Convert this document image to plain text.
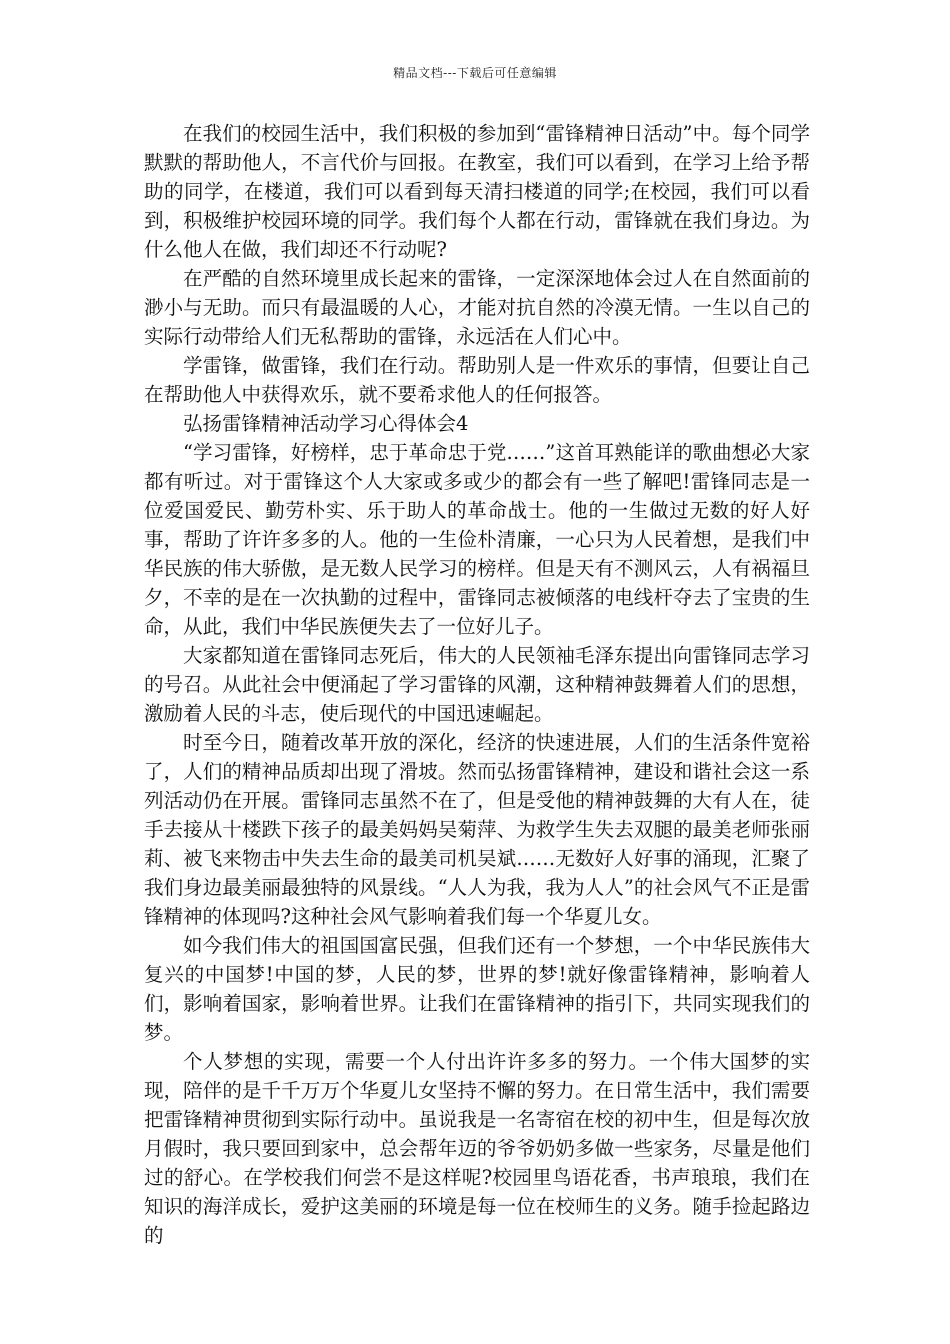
精品文档---下载后可任意编辑

在我们的校园生活中，我们积极的参加到“雷锋精神日活动”中。每个同学默默的帮助他人，不言代价与回报。在教室，我们可以看到，在学习上给予帮助的同学，在楼道，我们可以看到每天清扫楼道的同学;在校园，我们可以看到，积极维护校园环境的同学。我们每个人都在行动，雷锋就在我们身边。为什么他人在做，我们却还不行动呢?

在严酷的自然环境里成长起来的雷锋，一定深深地体会过人在自然面前的渺小与无助。而只有最温暖的人心，才能对抗自然的冷漠无情。一生以自己的实际行动带给人们无私帮助的雷锋，永远活在人们心中。

学雷锋，做雷锋，我们在行动。帮助别人是一件欢乐的事情，但要让自己在帮助他人中获得欢乐，就不要希求他人的任何报答。

弘扬雷锋精神活动学习心得体会4

“学习雷锋，好榜样，忠于革命忠于党……”这首耳熟能详的歌曲想必大家都有听过。对于雷锋这个人大家或多或少的都会有一些了解吧!雷锋同志是一位爱国爱民、勤劳朴实、乐于助人的革命战士。他的一生做过无数的好人好事，帮助了许许多多的人。他的一生俭朴清廉，一心只为人民着想，是我们中华民族的伟大骄傲，是无数人民学习的榜样。但是天有不测风云，人有祸福旦夕，不幸的是在一次执勤的过程中，雷锋同志被倾落的电线杆夺去了宝贵的生命，从此，我们中华民族便失去了一位好儿子。

大家都知道在雷锋同志死后，伟大的人民领袖毛泽东提出向雷锋同志学习的号召。从此社会中便涌起了学习雷锋的风潮，这种精神鼓舞着人们的思想，激励着人民的斗志，使后现代的中国迅速崛起。

时至今日，随着改革开放的深化，经济的快速进展，人们的生活条件宽裕了，人们的精神品质却出现了滑坡。然而弘扬雷锋精神，建设和谐社会这一系列活动仍在开展。雷锋同志虽然不在了，但是受他的精神鼓舞的大有人在，徒手去接从十楼跌下孩子的最美妈妈吴菊萍、为救学生失去双腿的最美老师张丽莉、被飞来物击中失去生命的最美司机吴斌……无数好人好事的涌现，汇聚了我们身边最美丽最独特的风景线。“人人为我，我为人人”的社会风气不正是雷锋精神的体现吗?这种社会风气影响着我们每一个华夏儿女。

如今我们伟大的祖国国富民强，但我们还有一个梦想，一个中华民族伟大复兴的中国梦!中国的梦，人民的梦，世界的梦!就好像雷锋精神，影响着人们，影响着国家，影响着世界。让我们在雷锋精神的指引下，共同实现我们的梦。

个人梦想的实现，需要一个人付出许许多多的努力。一个伟大国梦的实现，陪伴的是千千万万个华夏儿女坚持不懈的努力。在日常生活中，我们需要把雷锋精神贯彻到实际行动中。虽说我是一名寄宿在校的初中生，但是每次放月假时，我只要回到家中，总会帮年迈的爷爷奶奶多做一些家务，尽量是他们过的舒心。在学校我们何尝不是这样呢?校园里鸟语花香，书声琅琅，我们在知识的海洋成长，爱护这美丽的环境是每一位在校师生的义务。随手捡起路边的
